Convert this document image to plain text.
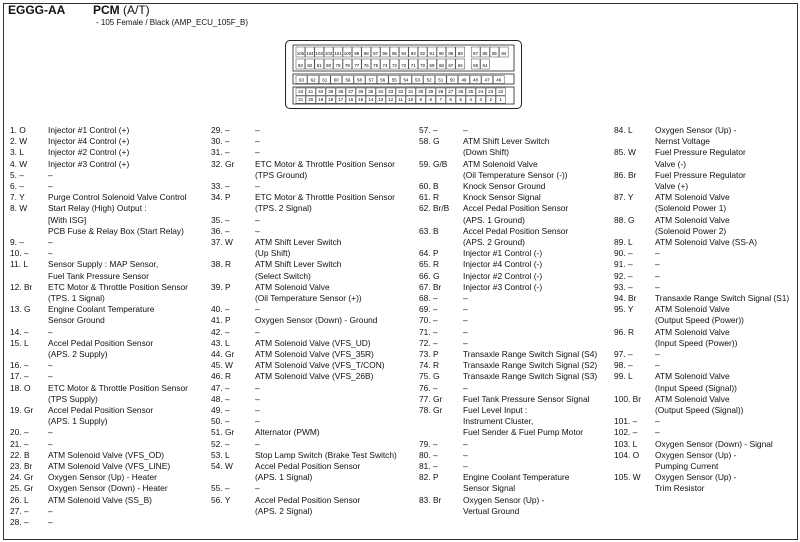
EGGG-AA PCM (A/T)
- 105 Female / Black (AMP_ECU_105F_B)
105 104 103 102 101 100 99 98 97 96 95 94 93 92 91 90 89 88 87 86 85 84
83 82 81 80 79 78 77 76 75 74 73 72 71 70 69 68 67 66 65 64
63 62 61 60 59 58 57 56 55 54 53 52 51 50 49 48 47 46
42 41 40 39 38 37 36 35 34 33 32 31 30 29 28 27 26 25 24 23 22
21 20 19 18 17 16 15 14 13 12 11 10 9 8 7 6 5 4 3 2 1
1. O	Injector #1 Control (+)
2. W Injector #4 Control (+)
3. L	Injector #2 Control (+)
4. W Injector #3 Control (+)
5. –	–
6. –	–
7. Y	Purge Control Solenoid Valve Control
8. W Start Relay (High) Output :
[With ISG]
PCB Fuse & Relay Box (Start Relay)
9. –	–
10. – –
11. L Sensor Supply : MAP Sensor,
Fuel Tank Pressure Sensor
12. Br ETC Motor & Throttle Position Sensor
(TPS. 1 Signal)
13. G Engine Coolant Temperature
Sensor Ground
14. – –
15. L Accel Pedal Position Sensor
(APS. 2 Supply)
16. – –
17. – –
18. O ETC Motor & Throttle Position Sensor
(TPS Supply)
19. Gr Accel Pedal Position Sensor
(APS. 1 Supply)
20. – –
21. – –
22. B ATM Solenoid Valve (VFS_OD)
23. Br ATM Solenoid Valve (VFS_LINE)
24. Gr Oxygen Sensor (Up) - Heater
25. Gr Oxygen Sensor (Down) - Heater
26. L ATM Solenoid Valve (SS_B)
27. – –
28. – –
29. –	–
30. –	–
31. –	–
32. Gr ETC Motor & Throttle Position Sensor
(TPS Ground)
33. –	–
34. P	ETC Motor & Throttle Position Sensor
(TPS. 2 Signal)
35. –	–
36. –	–
37. W	ATM Shift Lever Switch
(Up Shift)
38. R	ATM Shift Lever Switch
(Select Switch)
39. P	ATM Solenoid Valve
(Oil Temperature Sensor (+))
40. –	–
41. P	Oxygen Sensor (Down) - Ground
42. –	–
43. L	ATM Solenoid Valve (VFS_UD)
44. Gr ATM Solenoid Valve (VFS_35R)
45. W	ATM Solenoid Valve (VFS_T/CON)
46. R	ATM Solenoid Valve (VFS_26B)
47. –	–
48. –	–
49. –	–
50. –	–
51. Gr Alternator (PWM)
52. –	–
53. L	Stop Lamp Switch (Brake Test Switch)
54. W	Accel Pedal Position Sensor
(APS. 1 Signal)
55. –	–
56. Y	Accel Pedal Position Sensor
(APS. 2 Signal)
57. –	–
58. G	ATM Shift Lever Switch
(Down Shift)
59. G/B ATM Solenoid Valve
(Oil Temperature Sensor (-))
60. B	Knock Sensor Ground
61. R	Knock Sensor Signal
62. Br/B Accel Pedal Position Sensor
(APS. 1 Ground)
63. B	Accel Pedal Position Sensor
(APS. 2 Ground)
64. P	Injector #1 Control (-)
65. R	Injector #4 Control (-)
66. G	Injector #2 Control (-)
67. Br	Injector #3 Control (-)
68. –	–
69. –	–
70. –	–
71. –	–
72. –	–
73. P	Transaxle Range Switch Signal (S4)
74. R	Transaxle Range Switch Signal (S2)
75. G	Transaxle Range Switch Signal (S3)
76. –	–
77. Gr Fuel Tank Pressure Sensor Signal
78. Gr Fuel Level Input :
Instrument Cluster,
Fuel Sender & Fuel Pump Motor
79. –	–
80. –	–
81. –	–
82. P	Engine Coolant Temperature
Sensor Signal
83. Br	Oxygen Sensor (Up) -
Vertual Ground
84. L	Oxygen Sensor (Up) -
Nernst Voltage
85. W Fuel Pressure Regulator
Valve (-)
86. Br Fuel Pressure Regulator
Valve (+)
87. Y	ATM Solenoid Valve
(Solenoid Power 1)
88. G ATM Solenoid Valve
(Solenoid Power 2)
89. L	ATM Solenoid Valve (SS-A)
90. –	–
91. –	–
92. –	–
93. –	–
94. Br Transaxle Range Switch Signal (S1)
95. Y	ATM Solenoid Valve
(Output Speed (Power))
96. R ATM Solenoid Valve
(Input Speed (Power))
97. –	–
98. –	–
99. L	ATM Solenoid Valve
(Input Speed (Signal))
100. Br ATM Solenoid Valve
(Output Speed (Signal))
101. – –
102. – –
103. L Oxygen Sensor (Down) - Signal
104. O Oxygen Sensor (Up) -
Pumping Current
105. W Oxygen Sensor (Up) -
Trim Resistor
